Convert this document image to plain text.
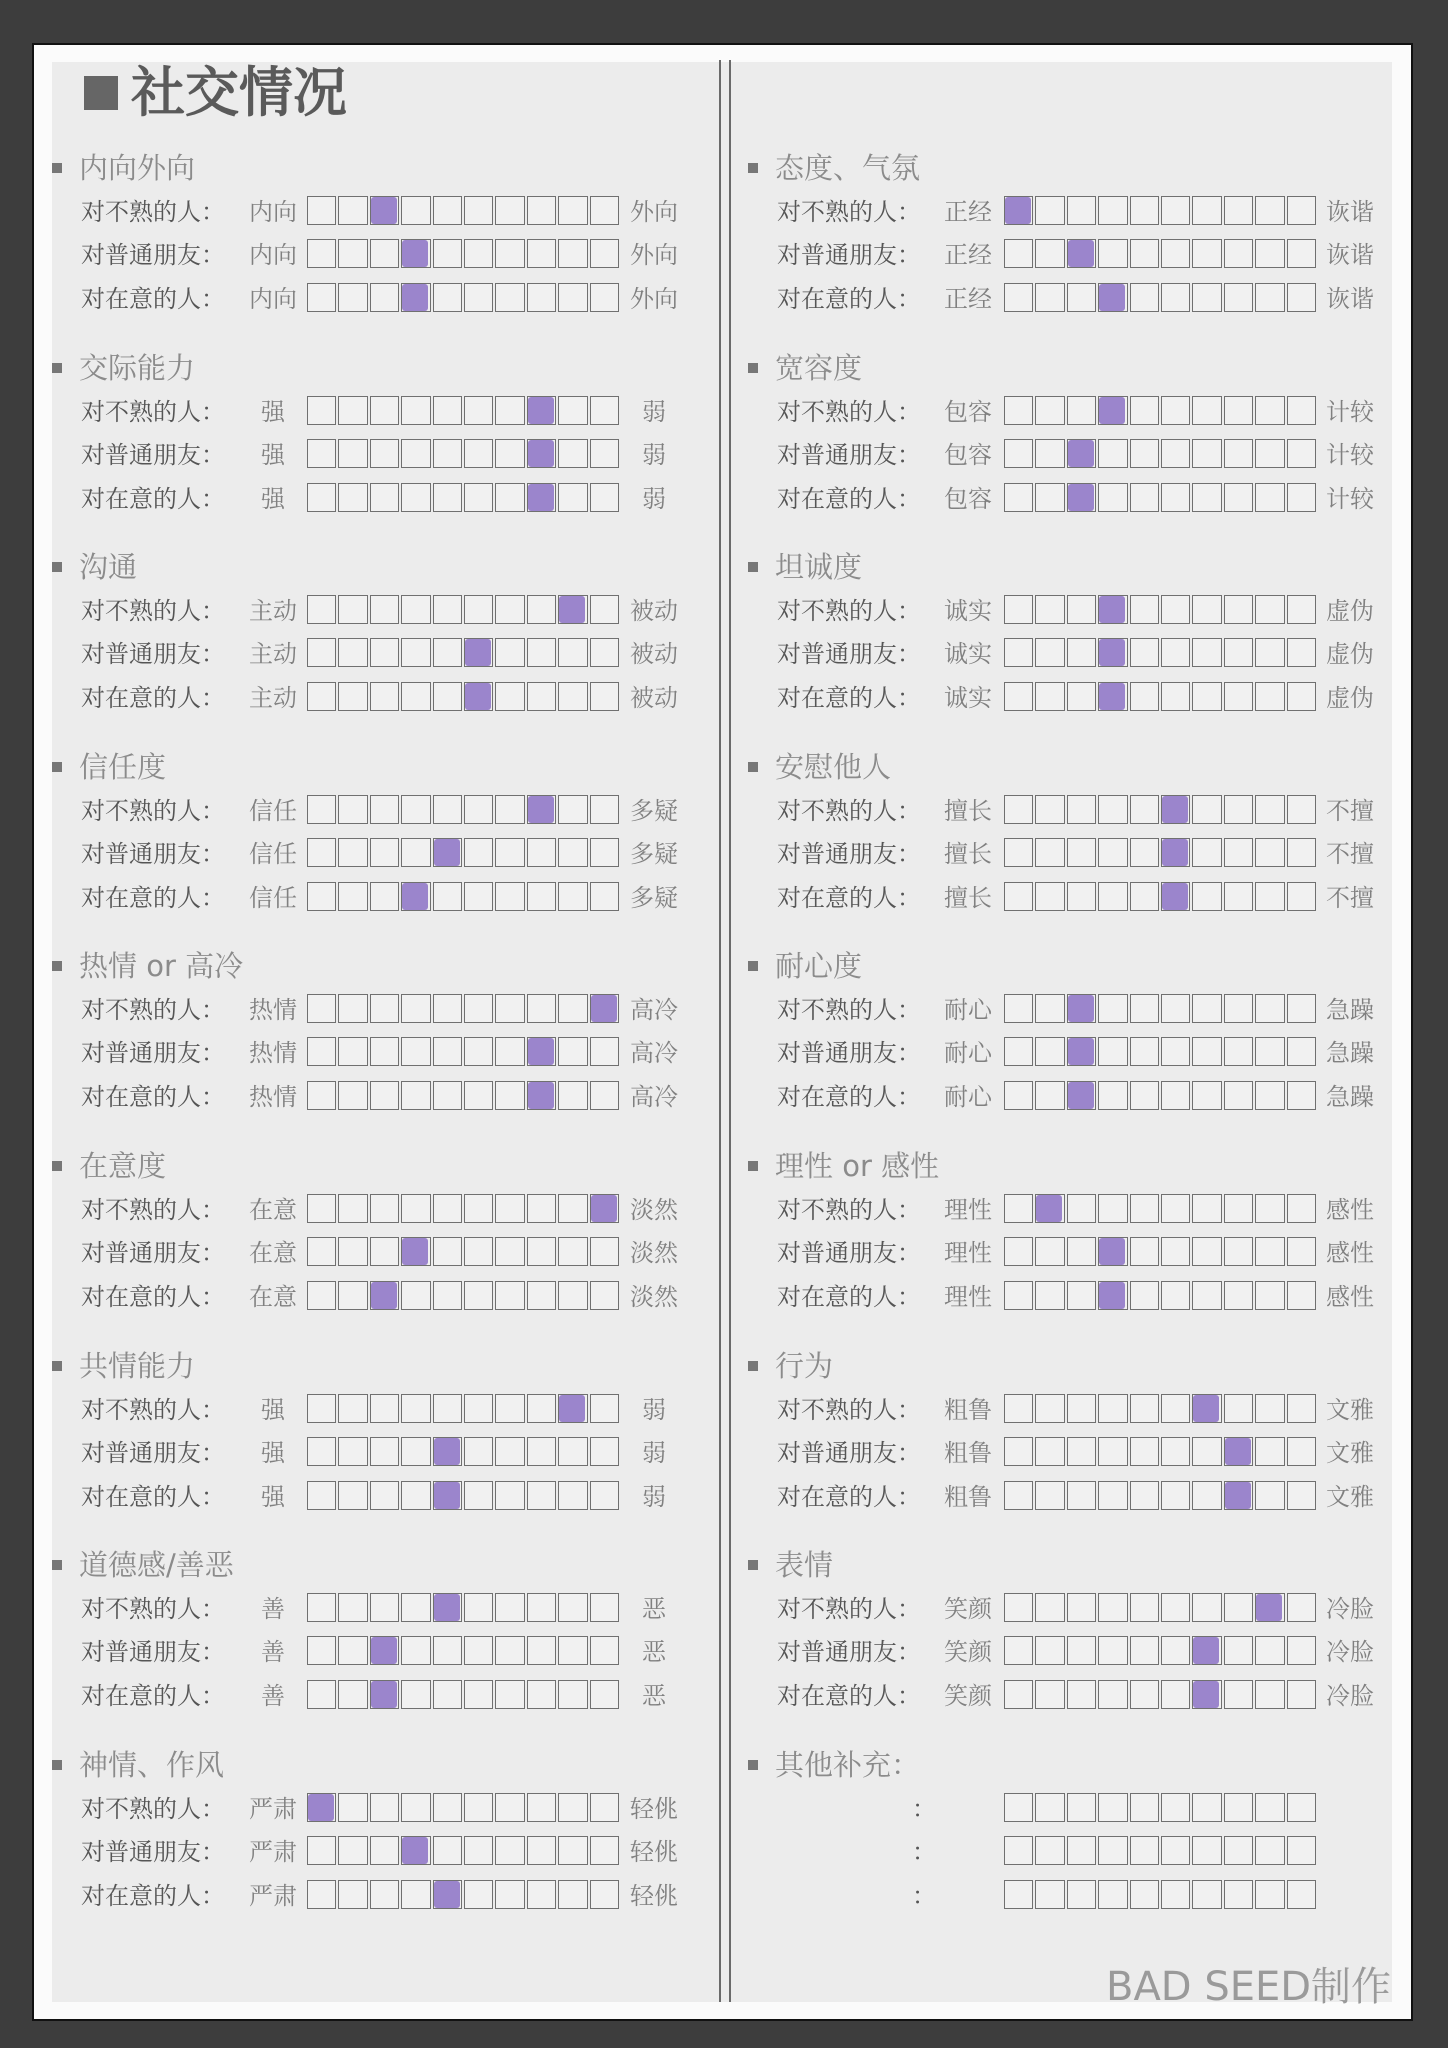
社交情况
内向外向
对不熟的人： 内向	外向
对普通朋友： 内向	外向
对在意的人： 内向	外向
交际能力
对不熟的人：	强	弱
对普通朋友：	强	弱
对在意的人：	强	弱
沟通
对不熟的人： 主动	被动
对普通朋友： 主动	被动
对在意的人： 主动	被动
信任度
对不熟的人： 信任	多疑
对普通朋友： 信任	多疑
对在意的人： 信任	多疑
热情 or 高冷
对不熟的人： 热情	高冷
对普通朋友： 热情	高冷
对在意的人： 热情	高冷
在意度
对不熟的人： 在意	淡然
对普通朋友： 在意	淡然
对在意的人： 在意	淡然
共情能力
对不熟的人：	强	弱
对普通朋友：	强	弱
对在意的人：	强	弱
道德感/善恶
对不熟的人：	善	恶
对普通朋友：	善	恶
对在意的人：	善	恶
神情、作风
对不熟的人： 严肃	轻佻
对普通朋友： 严肃	轻佻
对在意的人： 严肃	轻佻
态度、气氛
对不熟的人： 正经	诙谐
对普通朋友： 正经	诙谐
对在意的人： 正经	诙谐
宽容度
对不熟的人： 包容	计较
对普通朋友： 包容	计较
对在意的人： 包容	计较
坦诚度
对不熟的人： 诚实	虚伪
对普通朋友： 诚实	虚伪
对在意的人： 诚实	虚伪
安慰他人
对不熟的人： 擅长	不擅
对普通朋友： 擅长	不擅
对在意的人： 擅长	不擅
耐心度
对不熟的人： 耐心	急躁
对普通朋友： 耐心	急躁
对在意的人： 耐心	急躁
理性 or 感性
对不熟的人： 理性	感性
对普通朋友： 理性	感性
对在意的人： 理性	感性
行为
对不熟的人： 粗鲁	文雅
对普通朋友： 粗鲁	文雅
对在意的人： 粗鲁	文雅
表情
对不熟的人： 笑颜	冷脸
对普通朋友： 笑颜	冷脸
对在意的人： 笑颜	冷脸
其他补充：
：
：
：
BAD SEED制作
